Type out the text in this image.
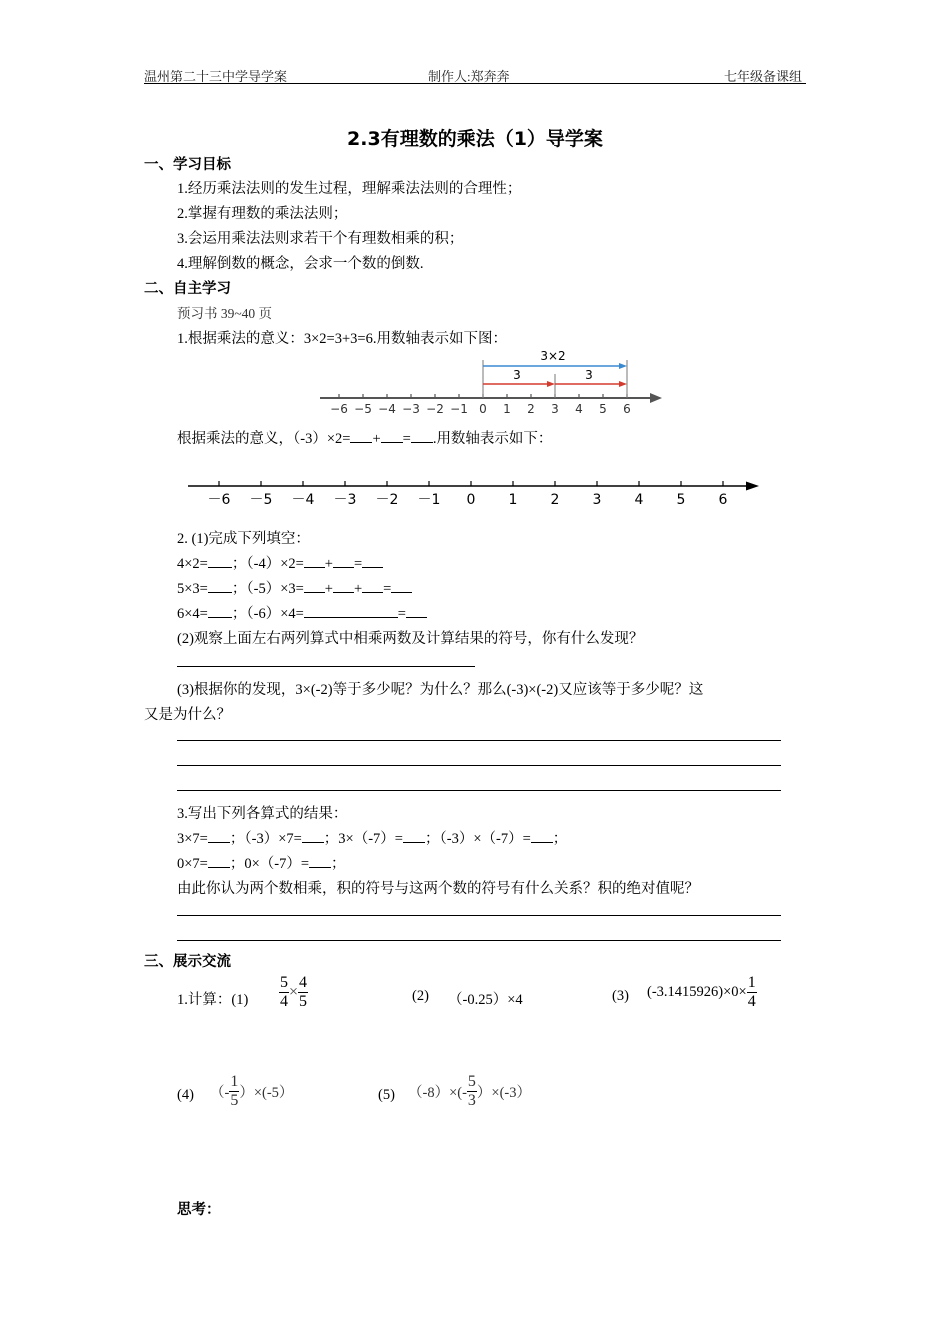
温州第二十三中学导学案	制作人:郑奔奔	七年级备课组
2.3有理数的乘法（1）导学案
一、学习目标
1.经历乘法法则的发生过程，理解乘法法则的合理性；
2.掌握有理数的乘法法则；
3.会运用乘法法则求若干个有理数相乘的积；
4.理解倒数的概念，会求一个数的倒数.
二、自主学习
预习书 39~40 页
1.根据乘法的意义：3×2=3+3=6.用数轴表示如下图：
−6 −5 −4 −3 −2 −1 0 1 2 3 4 5 6
3×2
3	3
根据乘法的意义，（-3）×2= + = .用数轴表示如下：
－6 －5 －4 －3 －2 －1 0 1 2 3 4 5 6
2. (1)完成下列填空：
4×2= ；（-4）×2= + =
5×3= ；（-5）×3= + + =
6×4= ；（-6）×4=	=
(2)观察上面左右两列算式中相乘两数及计算结果的符号，你有什么发现？
(3)根据你的发现，3×(-2)等于多少呢？为什么？那么(-3)×(-2)又应该等于多少呢？这
又是为什么？
3.写出下列各算式的结果：
3×7= ；（-3）×7= ；3×（-7）= ；（-3）×（-7）= ；
0×7= ；0×（-7）= ；
由此你认为两个数相乘，积的符号与这两个数的符号有什么关系？积的绝对值呢？
三、展示交流
1.计算：$(1) \frac{5}{4} \times \frac{4}{5}$	(2) （-0.25）×4	(3) $(-3.1415926)\times 0\times \frac{1}{4}$
(4) （- $\frac{1}{5} )\times(-5)$	(5) $(-8)\times(- \frac{5}{3} )\times(-3)$
思考：
